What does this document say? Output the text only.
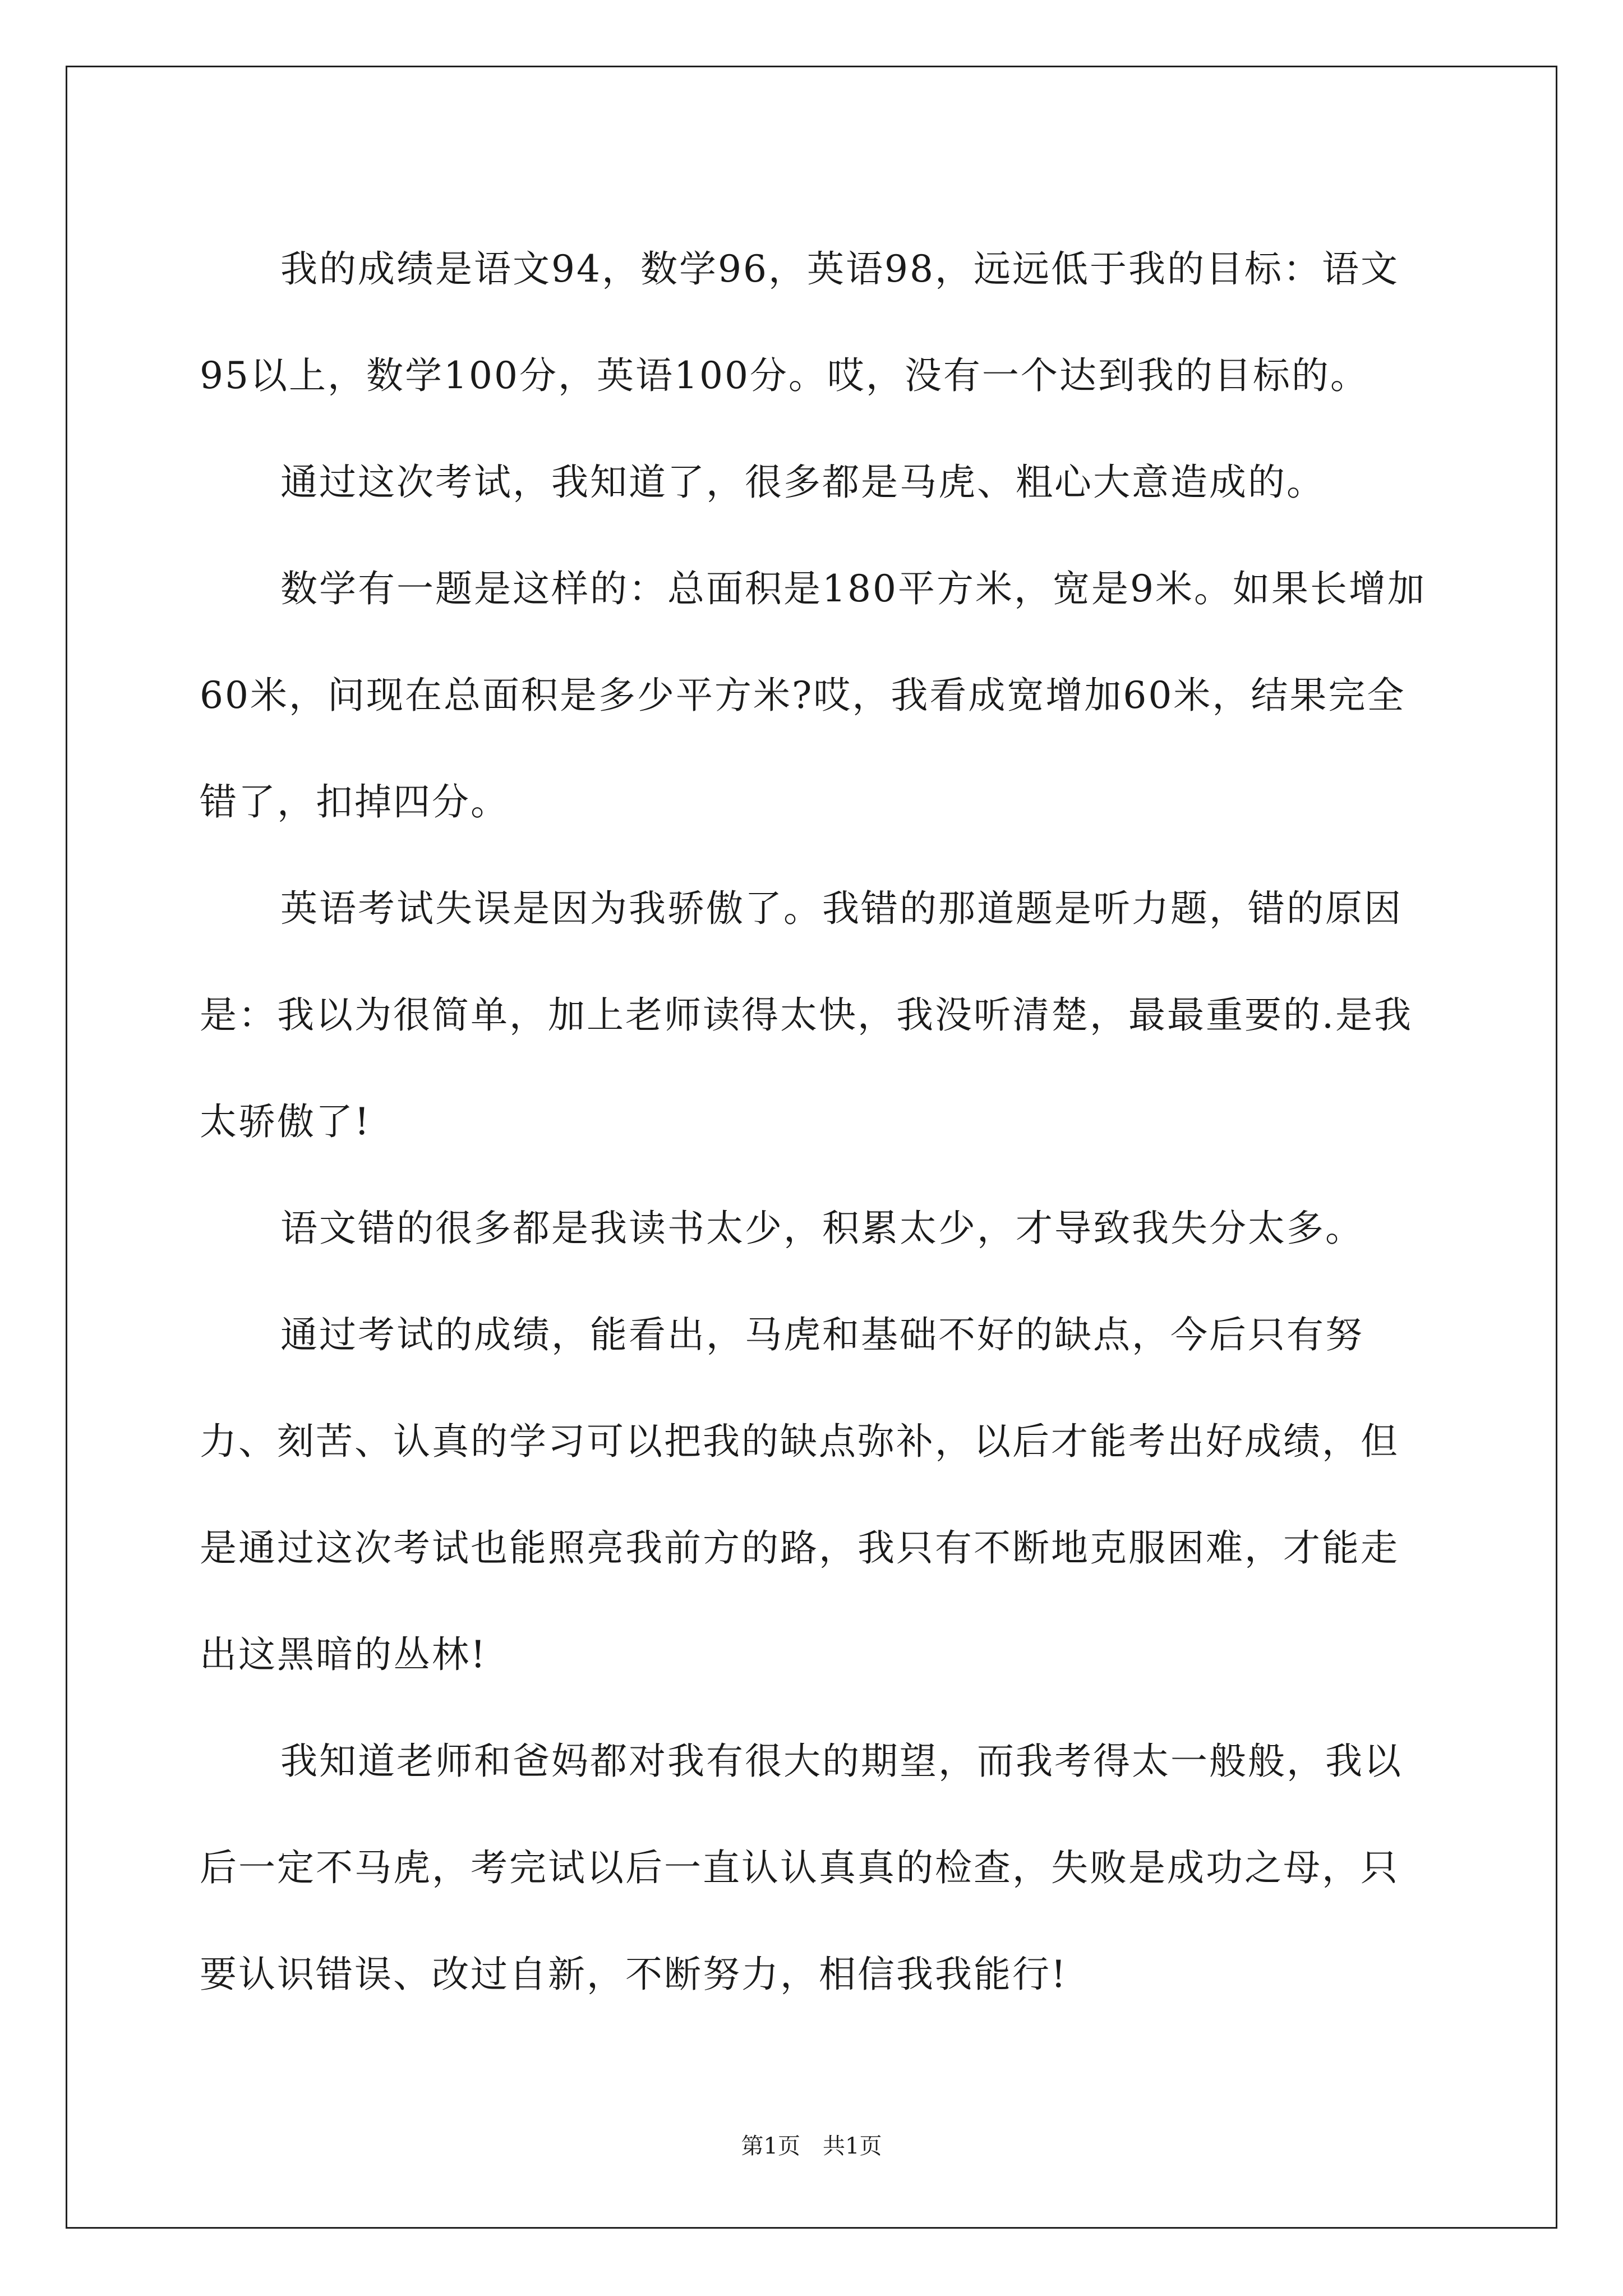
我的成绩是语文94，数学96，英语98，远远低于我的目标：语文95以上，数学100分，英语100分。哎，没有一个达到我的目标的。

通过这次考试，我知道了，很多都是马虎、粗心大意造成的。

数学有一题是这样的：总面积是180平方米，宽是9米。如果长增加60米，问现在总面积是多少平方米?哎，我看成宽增加60米，结果完全错了，扣掉四分。

英语考试失误是因为我骄傲了。我错的那道题是听力题，错的原因是：我以为很简单，加上老师读得太快，我没听清楚，最最重要的.是我太骄傲了!

语文错的很多都是我读书太少，积累太少，才导致我失分太多。

通过考试的成绩，能看出，马虎和基础不好的缺点，今后只有努力、刻苦、认真的学习可以把我的缺点弥补，以后才能考出好成绩，但是通过这次考试也能照亮我前方的路，我只有不断地克服困难，才能走出这黑暗的丛林!

我知道老师和爸妈都对我有很大的期望，而我考得太一般般，我以后一定不马虎，考完试以后一直认认真真的检查，失败是成功之母，只要认识错误、改过自新，不断努力，相信我我能行!

第1页　共1页
